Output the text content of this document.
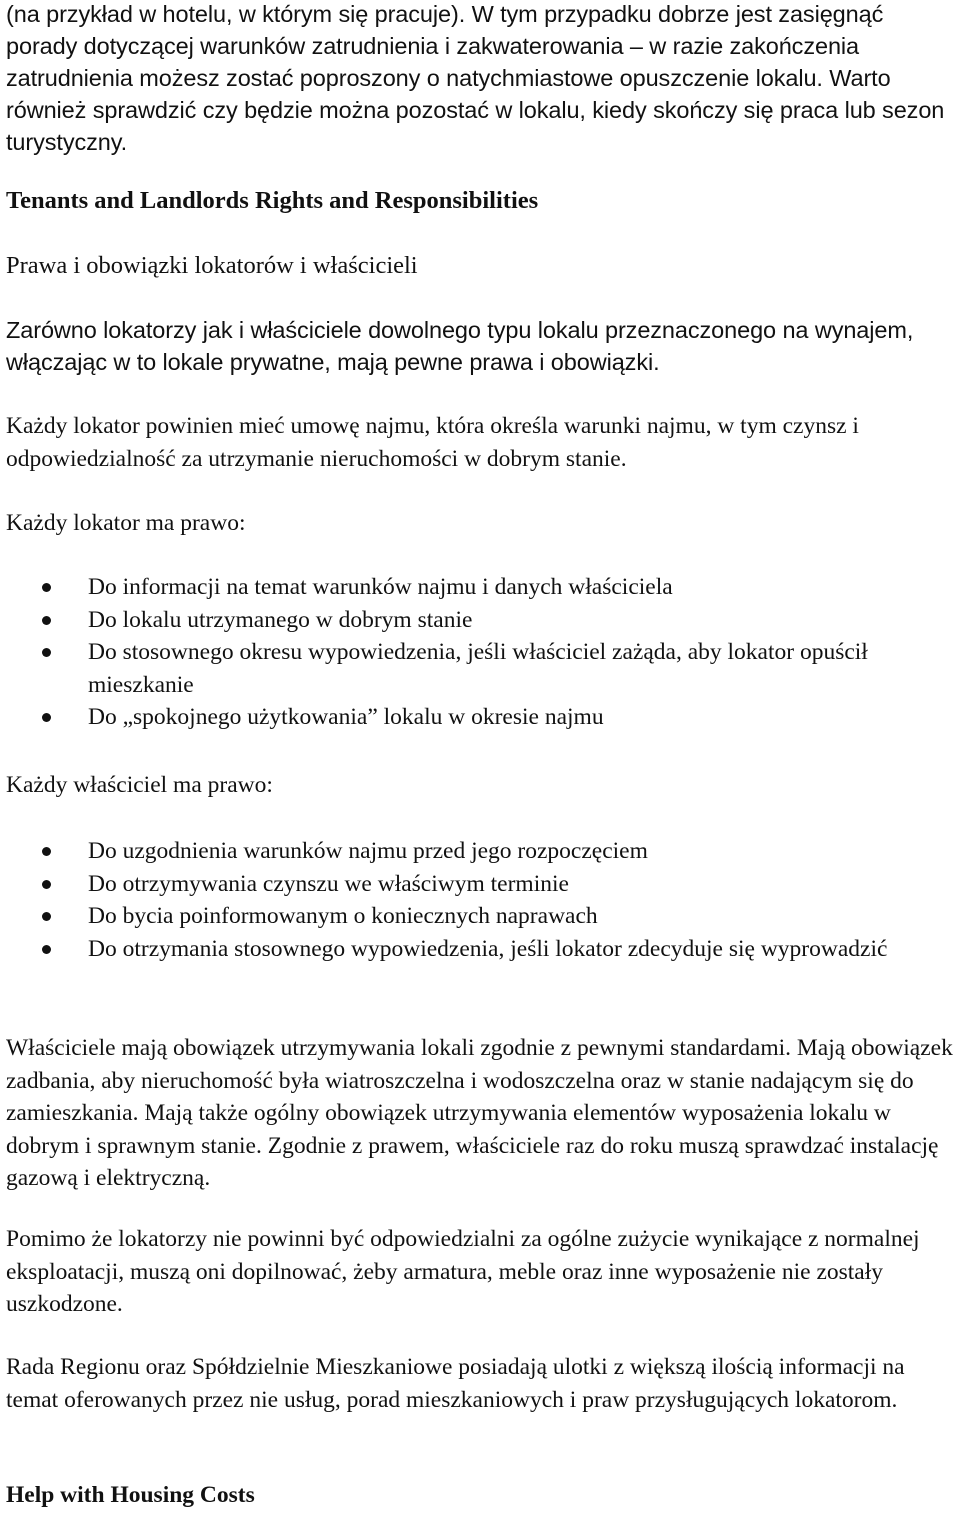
(na przykład w hotelu, w którym się pracuje). W tym przypadku dobrze jest zasięgnąć porady dotyczącej warunków zatrudnienia i zakwaterowania – w razie zakończenia zatrudnienia możesz zostać poproszony o natychmiastowe opuszczenie lokalu. Warto również sprawdzić czy będzie można pozostać w lokalu, kiedy skończy się praca lub sezon turystyczny.

Tenants and Landlords Rights and Responsibilities

Prawa i obowiązki lokatorów i właścicieli

Zarówno lokatorzy jak i właściciele dowolnego typu lokalu przeznaczonego na wynajem, włączając w to lokale prywatne, mają pewne prawa i obowiązki.

Każdy lokator powinien mieć umowę najmu, która określa warunki najmu, w tym czynsz i odpowiedzialność za utrzymanie nieruchomości w dobrym stanie.

Każdy lokator ma prawo:

Do informacji na temat warunków najmu i danych właściciela
Do lokalu utrzymanego w dobrym stanie
Do stosownego okresu wypowiedzenia, jeśli właściciel zażąda, aby lokator opuścił mieszkanie
Do „spokojnego użytkowania” lokalu w okresie najmu

Każdy właściciel ma prawo:

Do uzgodnienia warunków najmu przed jego rozpoczęciem
Do otrzymywania czynszu we właściwym terminie
Do bycia poinformowanym o koniecznych naprawach
Do otrzymania stosownego wypowiedzenia, jeśli lokator zdecyduje się wyprowadzić

Właściciele mają obowiązek utrzymywania lokali zgodnie z pewnymi standardami. Mają obowiązek zadbania, aby nieruchomość była wiatroszczelna i wodoszczelna oraz w stanie nadającym się do zamieszkania. Mają także ogólny obowiązek utrzymywania elementów wyposażenia lokalu w dobrym i sprawnym stanie. Zgodnie z prawem, właściciele raz do roku muszą sprawdzać instalację gazową i elektryczną.

Pomimo że lokatorzy nie powinni być odpowiedzialni za ogólne zużycie wynikające z normalnej eksploatacji, muszą oni dopilnować, żeby armatura, meble oraz inne wyposażenie nie zostały uszkodzone.

Rada Regionu oraz Spółdzielnie Mieszkaniowe posiadają ulotki z większą ilością informacji na temat oferowanych przez nie usług, porad mieszkaniowych i praw przysługujących lokatorom.

Help with Housing Costs
